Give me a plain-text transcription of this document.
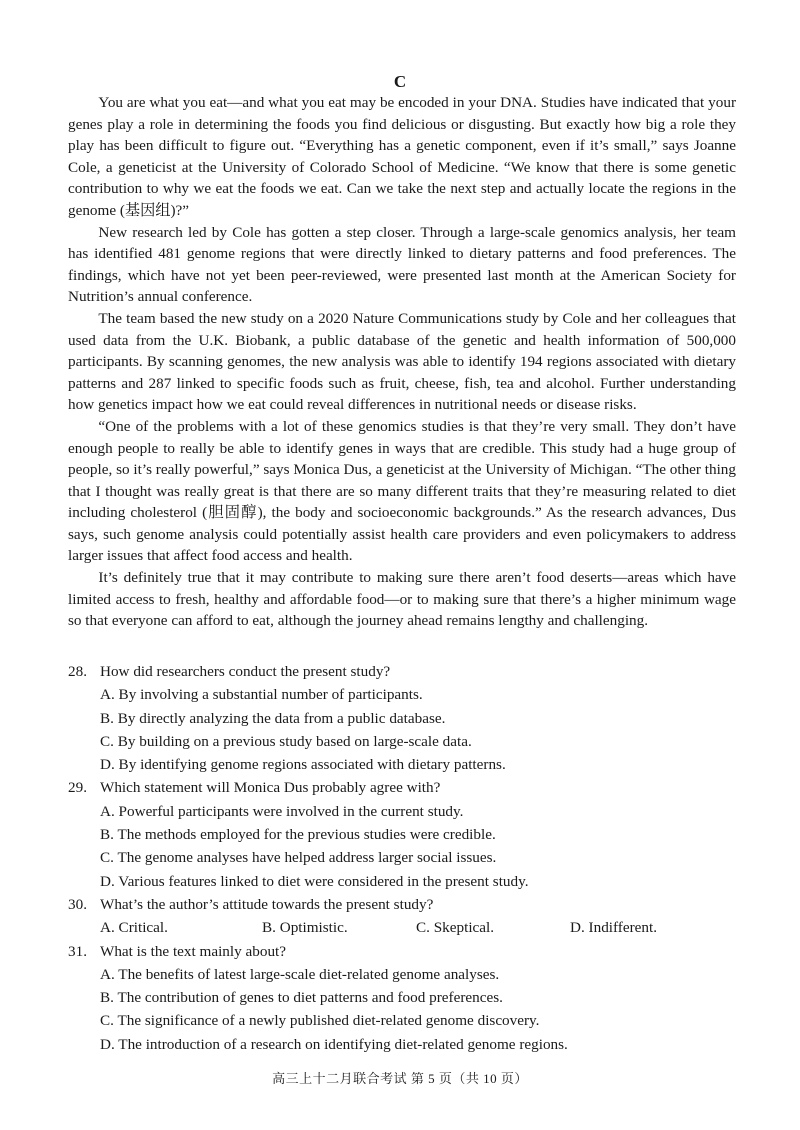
C

You are what you eat—and what you eat may be encoded in your DNA. Studies have indicated that your genes play a role in determining the foods you find delicious or disgusting. But exactly how big a role they play has been difficult to figure out. “Everything has a genetic component, even if it’s small,” says Joanne Cole, a geneticist at the University of Colorado School of Medicine. “We know that there is some genetic contribution to why we eat the foods we eat. Can we take the next step and actually locate the regions in the genome (基因组)?”

New research led by Cole has gotten a step closer. Through a large-scale genomics analysis, her team has identified 481 genome regions that were directly linked to dietary patterns and food preferences. The findings, which have not yet been peer-reviewed, were presented last month at the American Society for Nutrition’s annual conference.

The team based the new study on a 2020 Nature Communications study by Cole and her colleagues that used data from the U.K. Biobank, a public database of the genetic and health information of 500,000 participants. By scanning genomes, the new analysis was able to identify 194 regions associated with dietary patterns and 287 linked to specific foods such as fruit, cheese, fish, tea and alcohol. Further understanding how genetics impact how we eat could reveal differences in nutritional needs or disease risks.

“One of the problems with a lot of these genomics studies is that they’re very small. They don’t have enough people to really be able to identify genes in ways that are credible. This study had a huge group of people, so it’s really powerful,” says Monica Dus, a geneticist at the University of Michigan. “The other thing that I thought was really great is that there are so many different traits that they’re measuring related to diet including cholesterol (胆固醇), the body and socioeconomic backgrounds.” As the research advances, Dus says, such genome analysis could potentially assist health care providers and even policymakers to address larger issues that affect food access and health.

It’s definitely true that it may contribute to making sure there aren’t food deserts—areas which have limited access to fresh, healthy and affordable food—or to making sure that there’s a higher minimum wage so that everyone can afford to eat, although the journey ahead remains lengthy and challenging.

28. How did researchers conduct the present study?
A. By involving a substantial number of participants.
B. By directly analyzing the data from a public database.
C. By building on a previous study based on large-scale data.
D. By identifying genome regions associated with dietary patterns.
29. Which statement will Monica Dus probably agree with?
A. Powerful participants were involved in the current study.
B. The methods employed for the previous studies were credible.
C. The genome analyses have helped address larger social issues.
D. Various features linked to diet were considered in the present study.
30. What’s the author’s attitude towards the present study?
A. Critical.	B. Optimistic.	C. Skeptical.	D. Indifferent.
31. What is the text mainly about?
A. The benefits of latest large-scale diet-related genome analyses.
B. The contribution of genes to diet patterns and food preferences.
C. The significance of a newly published diet-related genome discovery.
D. The introduction of a research on identifying diet-related genome regions.
高三上十二月联合考试 第 5 页（共 10 页）
